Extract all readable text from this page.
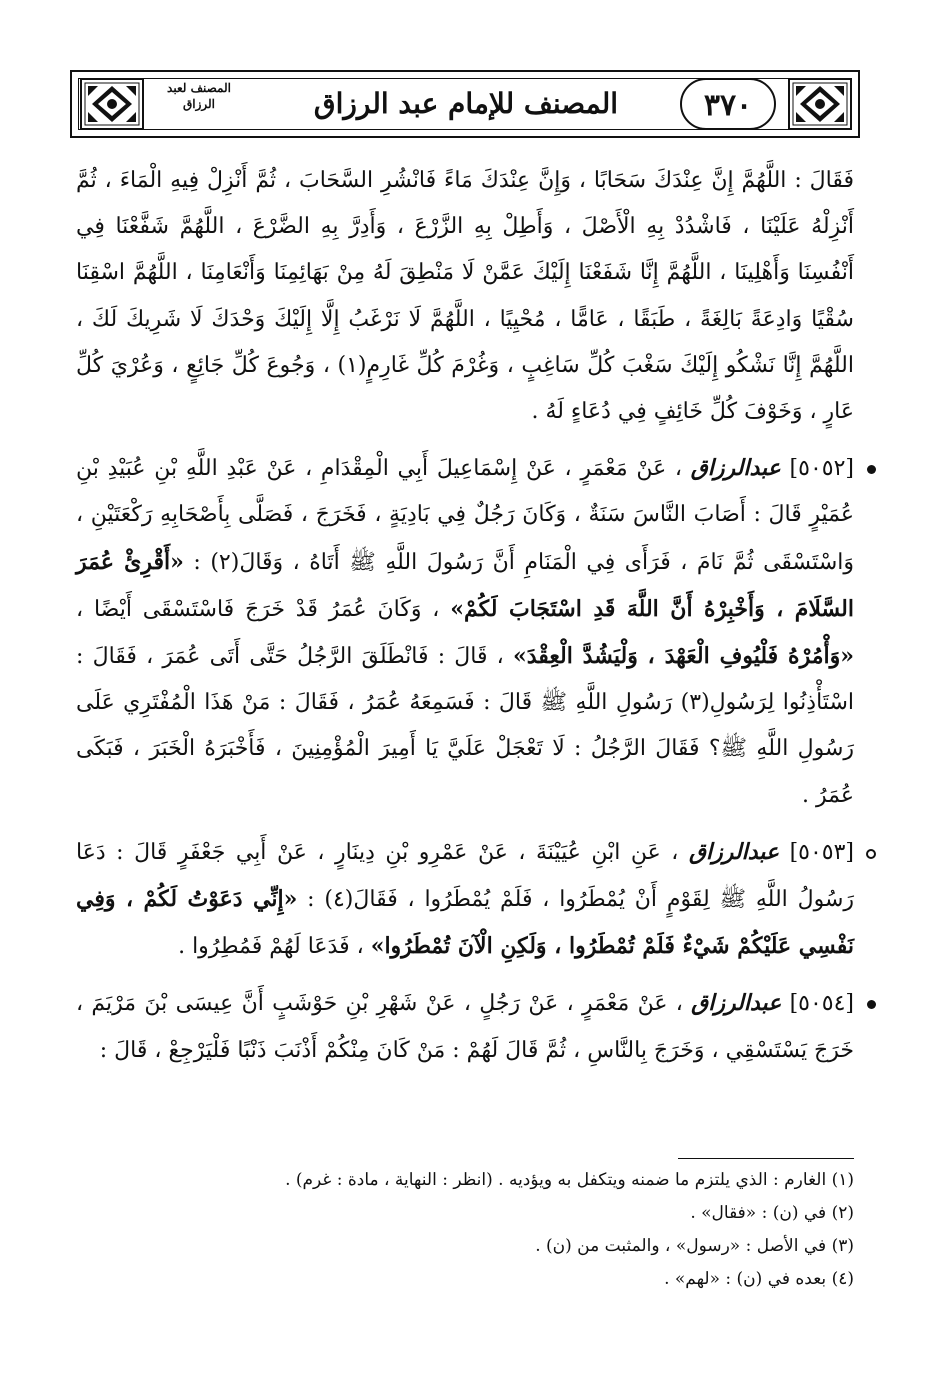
٣٧٠
المصنف للإمام عبد الرزاق
المصنف لعبد الرزاق

فَقَالَ : اللَّهُمَّ إِنَّ عِنْدَكَ سَحَابًا ، وَإِنَّ عِنْدَكَ مَاءً فَانْشُرِ السَّحَابَ ، ثُمَّ أَنْزِلْ فِيهِ الْمَاءَ ، ثُمَّ أَنْزِلْهُ عَلَيْنَا ، فَاشْدُدْ بِهِ الْأَصْلَ ، وَأَطِلْ بِهِ الزَّرْعَ ، وَأَدِرَّ بِهِ الضَّرْعَ ، اللَّهُمَّ شَفَّعْنَا فِي أَنْفُسِنَا وَأَهْلِينَا ، اللَّهُمَّ إِنَّا شَفَعْنَا إِلَيْكَ عَمَّنْ لَا مَنْطِقَ لَهُ مِنْ بَهَائِمِنَا وَأَنْعَامِنَا ، اللَّهُمَّ اسْقِنَا سُقْيًا وَادِعَةً بَالِغَةً ، طَبَقًا ، عَامًّا ، مُحْيِيًا ، اللَّهُمَّ لَا نَرْغَبُ إِلَّا إِلَيْكَ وَحْدَكَ لَا شَرِيكَ لَكَ ، اللَّهُمَّ إِنَّا نَشْكُو إِلَيْكَ سَغْبَ كُلِّ سَاغِبٍ ، وَغُرْمَ كُلِّ غَارِمٍ(١) ، وَجُوعَ كُلِّ جَائِعٍ ، وَعُرْيَ كُلِّ عَارٍ ، وَخَوْفَ كُلِّ خَائِفٍ فِي دُعَاءٍ لَهُ .

[٥٠٥٢] عبدالرزاق ، عَنْ مَعْمَرٍ ، عَنْ إِسْمَاعِيلَ أَبِي الْمِقْدَامِ ، عَنْ عَبْدِ اللَّهِ بْنِ عُبَيْدِ بْنِ عُمَيْرٍ قَالَ : أَصَابَ النَّاسَ سَنَةٌ ، وَكَانَ رَجُلٌ فِي بَادِيَةٍ ، فَخَرَجَ ، فَصَلَّى بِأَصْحَابِهِ رَكْعَتَيْنِ ، وَاسْتَسْقَى ثُمَّ نَامَ ، فَرَأَى فِي الْمَنَامِ أَنَّ رَسُولَ اللَّهِ ﷺ أَتَاهُ ، وَقَالَ(٢) : «أَقْرِئْ عُمَرَ السَّلَامَ ، وَأَخْبِرْهُ أَنَّ اللَّهَ قَدِ اسْتَجَابَ لَكُمْ» ، وَكَانَ عُمَرُ قَدْ خَرَجَ فَاسْتَسْقَى أَيْضًا ، «وَأْمُرْهُ فَلْيُوفِ الْعَهْدَ ، وَلْيَشُدَّ الْعِقْدَ» ، قَالَ : فَانْطَلَقَ الرَّجُلُ حَتَّى أَتَى عُمَرَ ، فَقَالَ : اسْتَأْذِنُوا لِرَسُولِ(٣) رَسُولِ اللَّهِ ﷺ قَالَ : فَسَمِعَهُ عُمَرُ ، فَقَالَ : مَنْ هَذَا الْمُفْتَرِي عَلَى رَسُولِ اللَّهِ ﷺ؟ فَقَالَ الرَّجُلُ : لَا تَعْجَلْ عَلَيَّ يَا أَمِيرَ الْمُؤْمِنِينَ ، فَأَخْبَرَهُ الْخَبَرَ ، فَبَكَى عُمَرُ .

[٥٠٥٣] عبدالرزاق ، عَنِ ابْنِ عُيَيْنَةَ ، عَنْ عَمْرِو بْنِ دِينَارٍ ، عَنْ أَبِي جَعْفَرٍ قَالَ : دَعَا رَسُولُ اللَّهِ ﷺ لِقَوْمٍ أَنْ يُمْطَرُوا ، فَلَمْ يُمْطَرُوا ، فَقَالَ(٤) : «إِنِّي دَعَوْتُ لَكُمْ ، وَفِي نَفْسِي عَلَيْكُمْ شَيْءٌ فَلَمْ تُمْطَرُوا ، وَلَكِنِ الْآنَ تُمْطَرُوا» ، فَدَعَا لَهُمْ فَمُطِرُوا .

[٥٠٥٤] عبدالرزاق ، عَنْ مَعْمَرٍ ، عَنْ رَجُلٍ ، عَنْ شَهْرِ بْنِ حَوْشَبٍ أَنَّ عِيسَى بْنَ مَرْيَمَ ، خَرَجَ يَسْتَسْقِي ، وَخَرَجَ بِالنَّاسِ ، ثُمَّ قَالَ لَهُمْ : مَنْ كَانَ مِنْكُمْ أَذْنَبَ ذَنْبًا فَلْيَرْجِعْ ، قَالَ :

(١) الغارم : الذي يلتزم ما ضمنه ويتكفل به ويؤديه . (انظر : النهاية ، مادة : غرم) .
(٢) في (ن) : «فقال» .
(٣) في الأصل : «رسول» ، والمثبت من (ن) .
(٤) بعده في (ن) : «لهم» .
